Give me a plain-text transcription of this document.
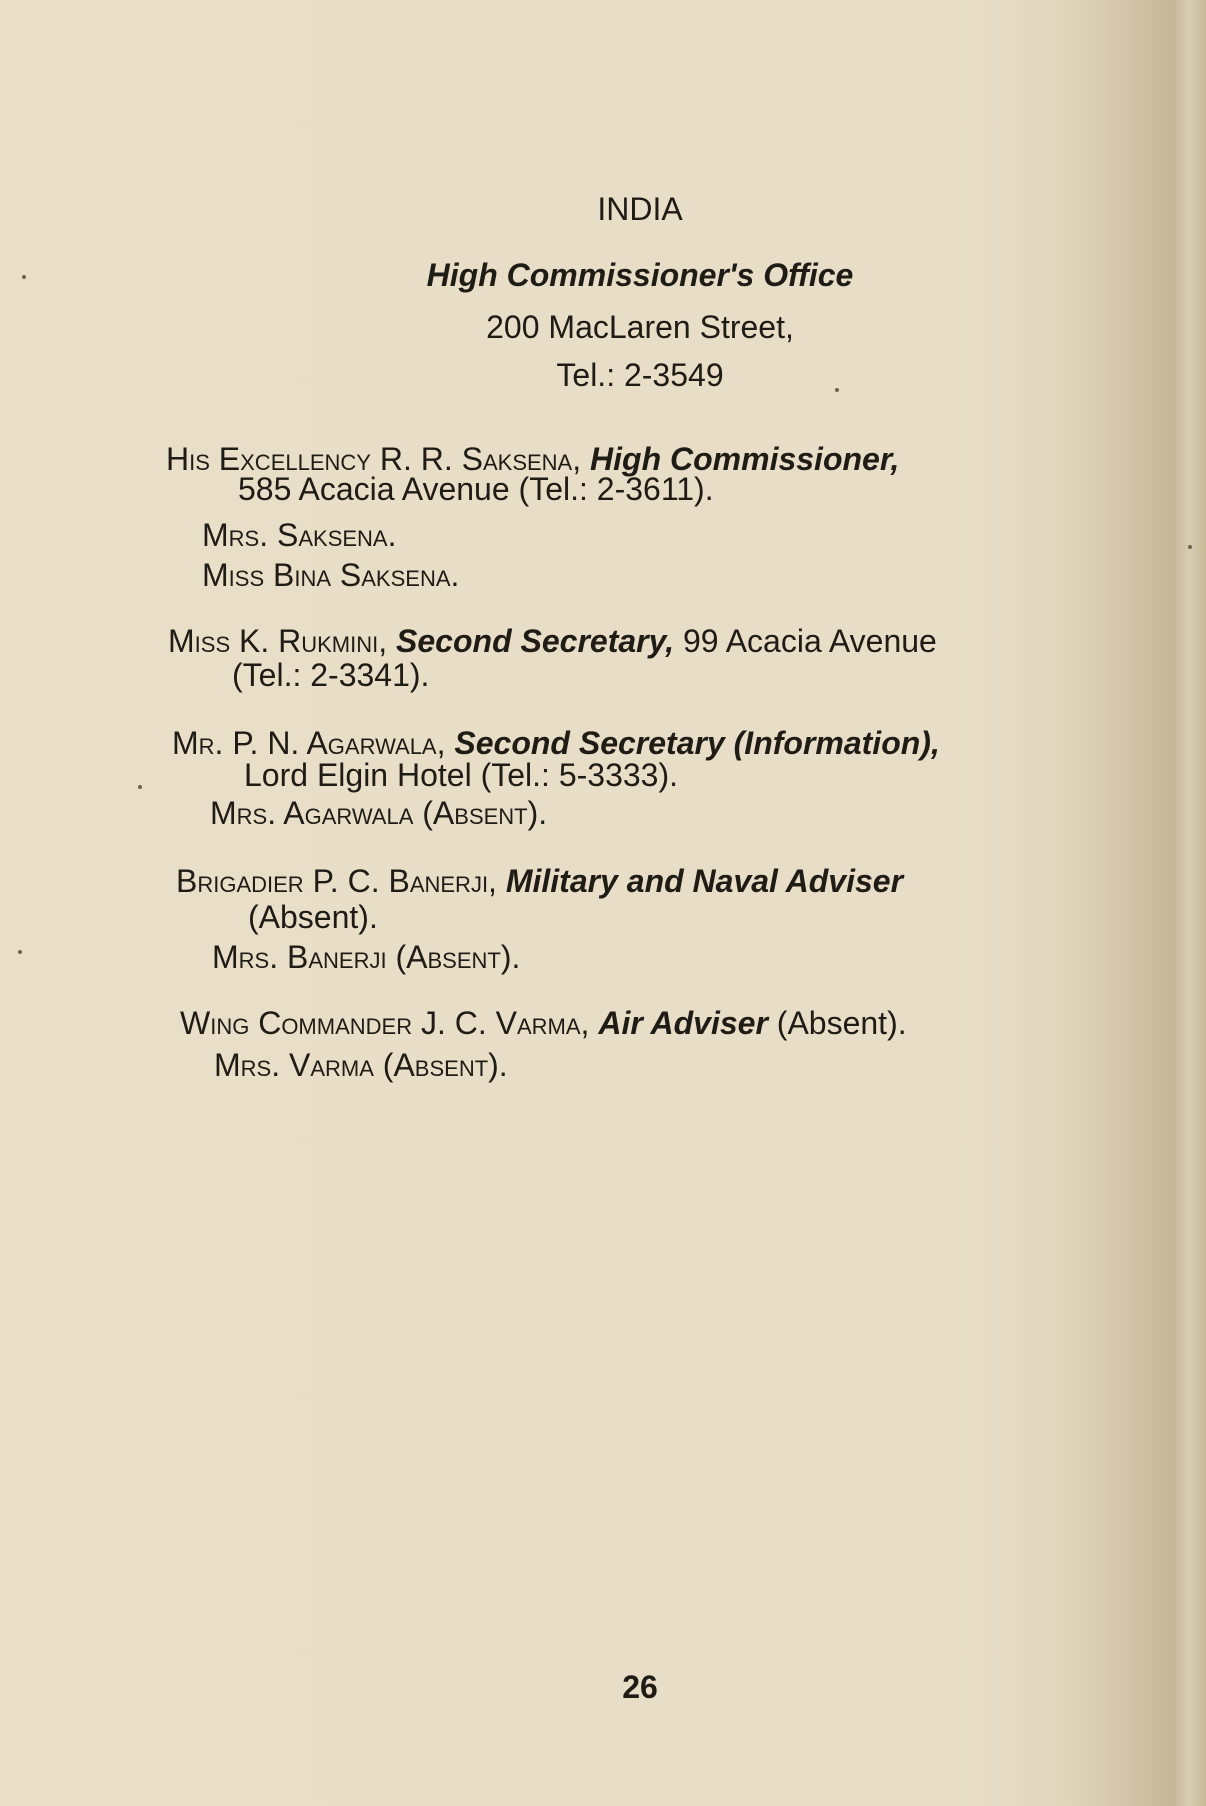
INDIA
High Commissioner's Office
200 MacLaren Street,
Tel.: 2-3549
His Excellency R. R. Saksena, High Commissioner,
585 Acacia Avenue (Tel.: 2-3611).
Mrs. Saksena.
Miss Bina Saksena.
Miss K. Rukmini, Second Secretary, 99 Acacia Avenue
(Tel.: 2-3341).
Mr. P. N. Agarwala, Second Secretary (Information),
Lord Elgin Hotel (Tel.: 5-3333).
Mrs. Agarwala (Absent).
Brigadier P. C. Banerji, Military and Naval Adviser
(Absent).
Mrs. Banerji (Absent).
Wing Commander J. C. Varma, Air Adviser (Absent).
Mrs. Varma (Absent).
26
